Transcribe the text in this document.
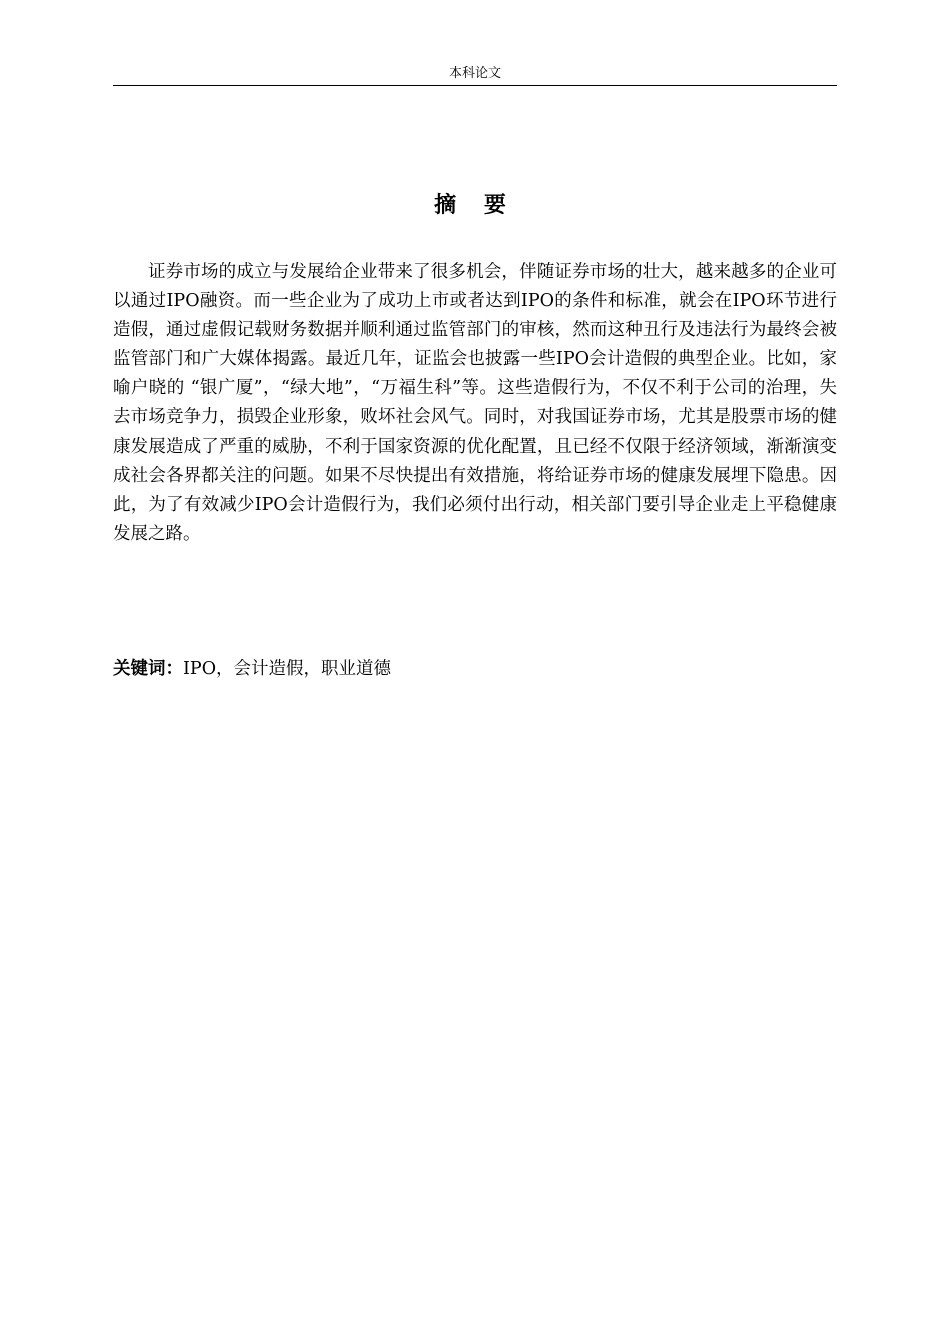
本科论文
摘 要

证券市场的成立与发展给企业带来了很多机会，伴随证券市场的壮大，越来越多的企业可以通过IPO融资。而一些企业为了成功上市或者达到IPO的条件和标准，就会在IPO环节进行造假，通过虚假记载财务数据并顺利通过监管部门的审核，然而这种丑行及违法行为最终会被监管部门和广大媒体揭露。最近几年，证监会也披露一些IPO会计造假的典型企业。比如，家喻户晓的 “银广厦”，“绿大地”，“万福生科”等。这些造假行为，不仅不利于公司的治理，失去市场竞争力，损毁企业形象，败坏社会风气。同时，对我国证券市场，尤其是股票市场的健康发展造成了严重的威胁，不利于国家资源的优化配置，且已经不仅限于经济领域，渐渐演变成社会各界都关注的问题。如果不尽快提出有效措施，将给证券市场的健康发展埋下隐患。因此，为了有效减少IPO会计造假行为，我们必须付出行动，相关部门要引导企业走上平稳健康发展之路。

关键词：IPO，会计造假，职业道德
